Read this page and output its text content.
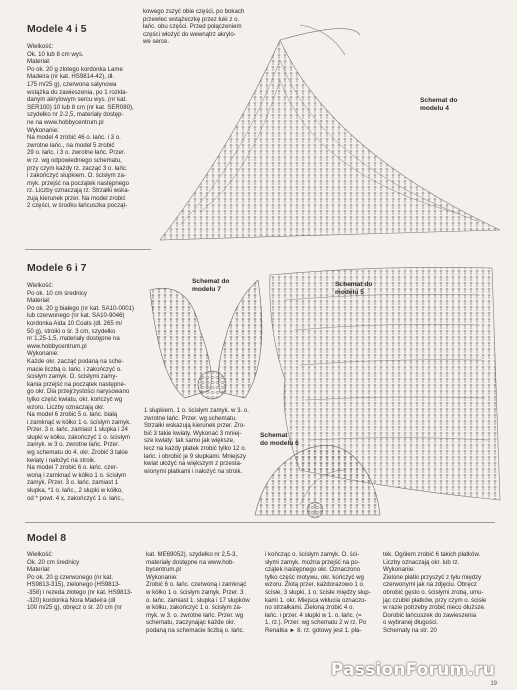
Modele 4 i 5
Wielkość:
Ok. 10 lub 8 cm wys.
Materiał:
Po ok. 20 g złotego kordonka Lame
Madeira (nr kat. HS9814-42), dł.
175 m/25 g), czerwona satynowa
wstążka do zawieszenia, po 1 rozkła-
danym akrylowym sercu wys. (nr kat.
SER100) 10 lub 8 cm (nr kat. SER080),
szydełko nr 2-2,5, materiały dostęp-
ne na www.hobbycentrum.pl
Wykonanie:
Na model 4 zrobić 46 o. łańc. i 3 o.
zwrotne łańc., na model 5 zrobić
29 o. łańc. i 3 o. zwrotne łańc. Przer.
w rz. wg odpowiedniego schematu,
przy czym każdy rz. zacząć 3 o. łańc.
i zakończyć słupkiem. O. ścisłym za-
myk. przejść na początek następnego
rz. Liczby oznaczają rz. Strzałki wska-
zują kierunek przer. Na model zrobić
2 części, w środku łańcuszka począt-
kowego zszyć obie części, po bokach
przewlec wstążeczkę przez łuki z o.
łańc. obu części. Przed połączeniem
części włożyć do wewnątrz akrylo-
we serce.
Modele 6 i 7
Wielkość:
Po ok. 10 cm średnicy
Materiał:
Po ok. 20 g białego (nr kat. SA10-0001)
lub czerwonego (nr kat. SA10-9046)
kordonka Aida 10 Coats (dł. 265 m/
50 g), stroiki o śr. 3 cm, szydełko
nr 1,25-1,5, materiały dostępne na
www.hobbycentrum.pl
Wykonanie:
Każde okr. zacząć podaną na sche-
macie liczbą o. łańc. i zakończyć o.
ścisłym zamyk. O. ścisłymi zamy-
kania przejść na początek następne-
go okr. Dla przejrzystości narysowano
tylko część kwiatu, okr. kończyć wg
wzoru. Liczby oznaczają okr.
Na model 6 zrobić 5 o. łańc. białą
i zamknąć w kółko 1 o. ścisłym zamyk.
Przer. 3 o. łańc. zamiast 1 słupka i 24
słupki w kółku, zakończyć 1 o. ścisłym
zamyk. w 3 o. zwrotne łańc. Przer.
wg schematu do 4. okr. Zrobić 3 takie
kwiaty i nałożyć na stroik.
Na model 7 zrobić 6 o. łańc. czer-
woną i zamknąć w kółko 1 o. ścisłym
zamyk. Przer. 3 o. łańc. zamiast 1
słupka, *1 o. łańc., 2 słupki w kółko,
od * powt. 4 x, zakończyć 1 o. łańc.,
1 słupkiem, 1 o. ścisłym zamyk. w 3. o.
zwrotne łańc. Przer. wg schematu.
Strzałki wskazują kierunek przer. Zro-
bić 3 takie kwiaty. Wykonać 3 mniej-
sze kwiaty: tak samo jak większe,
lecz na każdy płatek zrobić tylko 12 o.
łańc. i obrobić je 9 słupkami. Mniejszy
kwiat ułożyć na większym z przesta-
wionymi płatkami i nałożyć na stroik.
Model 8
Wielkość:
Ok. 20 cm średnicy
Materiał:
Po ok. 20 g czerwonego (nr kat.
HS9813-315), zielonego (HS9813-
-358) i rezeda złotego (nr kat. HS9813-
-320) kordonka Nora Madeira (dł
100 m/25 g), obręcz o śr. 20 cm (nr
kat. ME69052), szydełko nr 2,5-3,
materiały dostępne na www.hob-
bycentrum.pl
Wykonanie:
Zrobić 6 o. łańc. czerwoną i zamknąć
w kółko 1 o. ścisłym zamyk. Przer. 3
o. łańc. zamiast 1. słupka i 17 słupków
w kółku, zakończyć 1 o. ścisłym za-
myk. w 3. o. zwrotne łańc. Przer. wg
schematu, zaczynając każde okr.
podaną na schemacie liczbą o. łańc.
i kończąc o. ścisłym zamyk. O. ści-
słymi zamyk. można przejść na po-
czątek następnego okr. Oznaczono
tylko część motywu, okr. kończyć wg
wzoru. Złotą przer. każdorazowo 1 o.
ścisłe, 3 słupki, 1 o. ścisłe między słup-
kami 1. okr. Miejsca wkłucia oznaczo-
no strzałkami. Zieloną zrobić 4 o.
łańc. i przer. 4 słupki w 1. o. łańc. (=
1. rz.). Przer. wg schematu 2 w rz. Po
Renatka ► 8. rz. gotowy jest 1. pła-
tek. Ogółem zrobić 6 takich płatków.
Liczby oznaczają okr. lub rz.
Wykonanie:
Zielone płatki przyszyć z tyłu między
czerwonymi jak na zdjęciu. Obręcz
obrobić gęsto o. ścisłymi zrobą, umu-
jąc czubki płatków, przy czym o. ścisłe
w razie potrzeby zrobić nieco dłuższe.
Dorobić łańcuszek do zawieszenia
o wybranej długości.
Schematy na str. 20
Schemat do
modelu 4
Schemat do
modelu 7
Schemat do
modelu 5
Schemat
do modelu 6
19
PassionForum.ru
